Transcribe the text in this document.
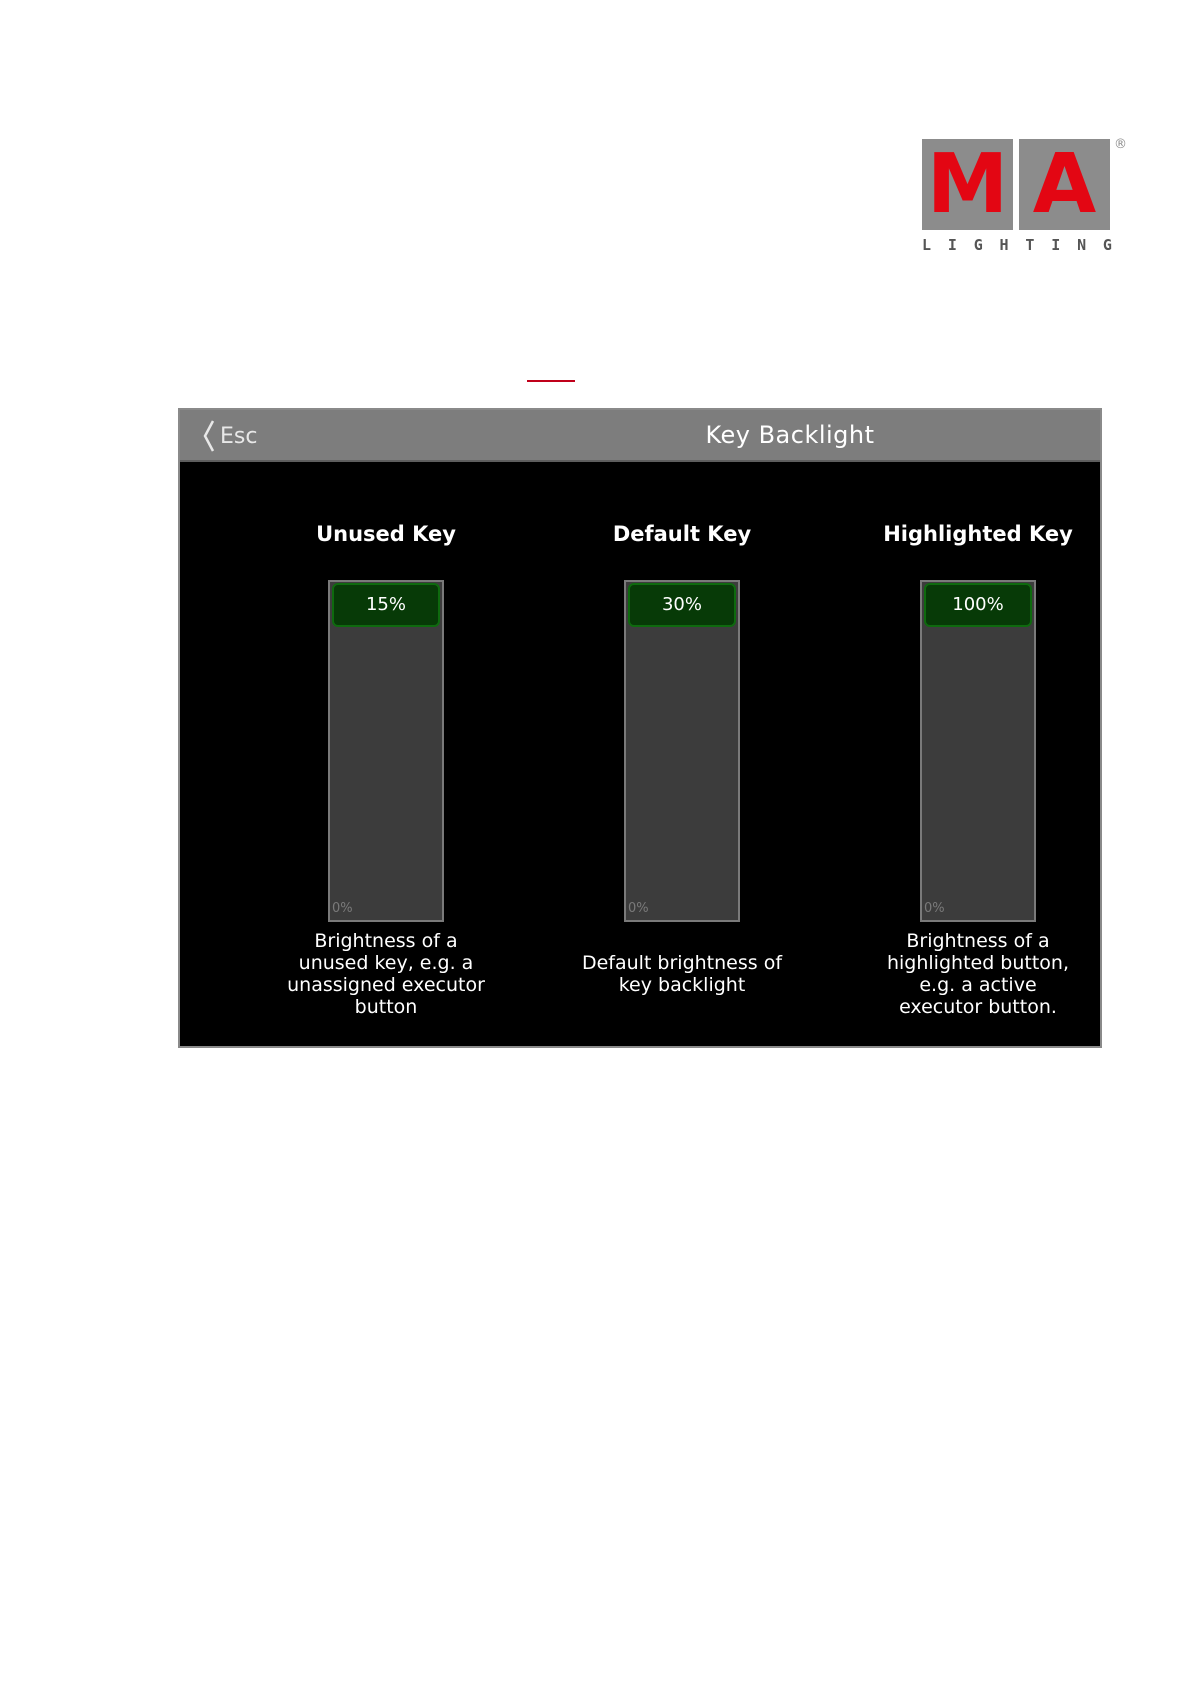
M A	®
L I G H T I N G
Esc	Key Backlight
Unused Key
15%
0%
Brightness of a
unused key, e.g. a
unassigned executor
button
Default Key
30%
0%
Default brightness of
key backlight
Highlighted Key
100%
0%
Brightness of a
highlighted button,
e.g. a active
executor button.
